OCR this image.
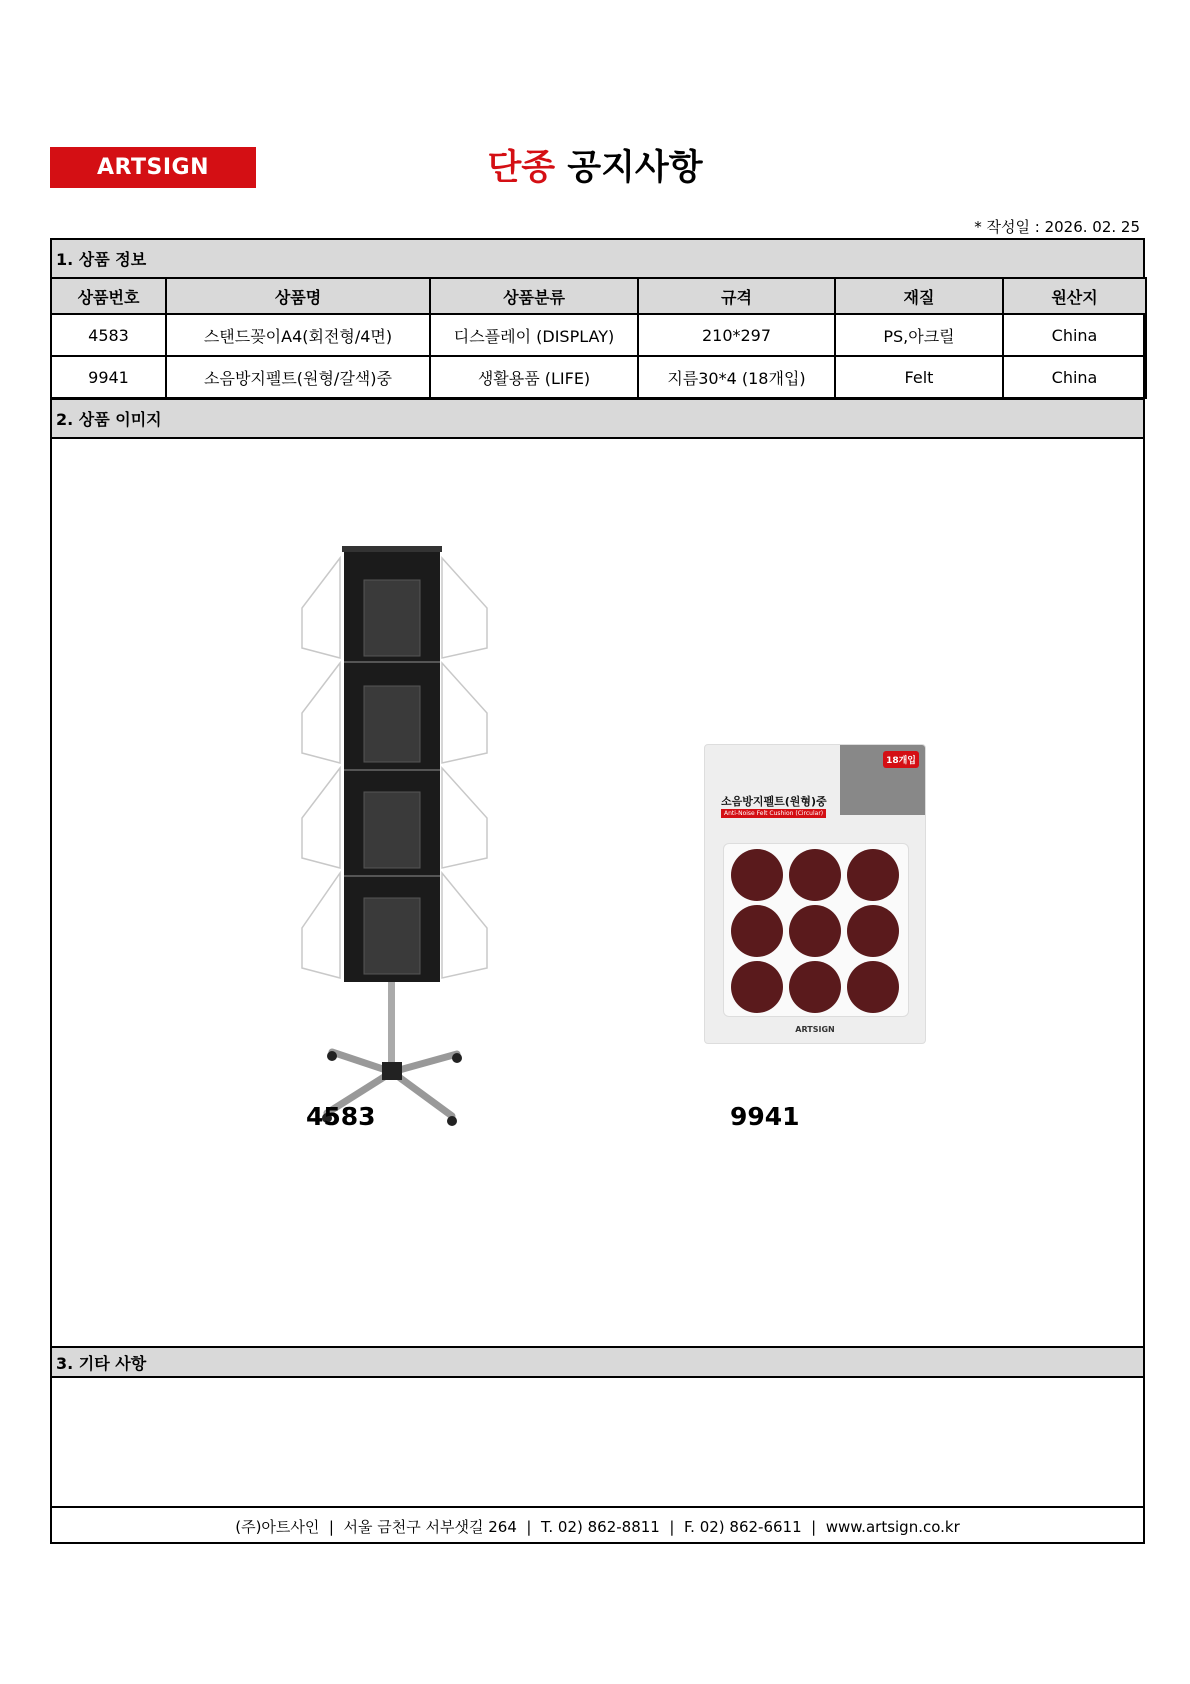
ARTSIGN	단종 공지사항
* 작성일 : 2026. 02. 25
1. 상품 정보
상품번호	상품명	상품분류	규격	재질	원산지
4583	스탠드꽂이A4(회전형/4면)	디스플레이 (DISPLAY)	210*297	PS,아크릴	China
9941	소음방지펠트(원형/갈색)중	생활용품 (LIFE)	지름30*4 (18개입)	Felt	China
2. 상품 이미지
18개입
소음방지펠트(원형)중
Anti-Noise Felt Cushion (Circular)
ARTSIGN
4583	9941
3. 기타 사항
(주)아트사인  |  서울 금천구 서부샛길 264  |  T. 02) 862-8811  |  F. 02) 862-6611  |  www.artsign.co.kr
